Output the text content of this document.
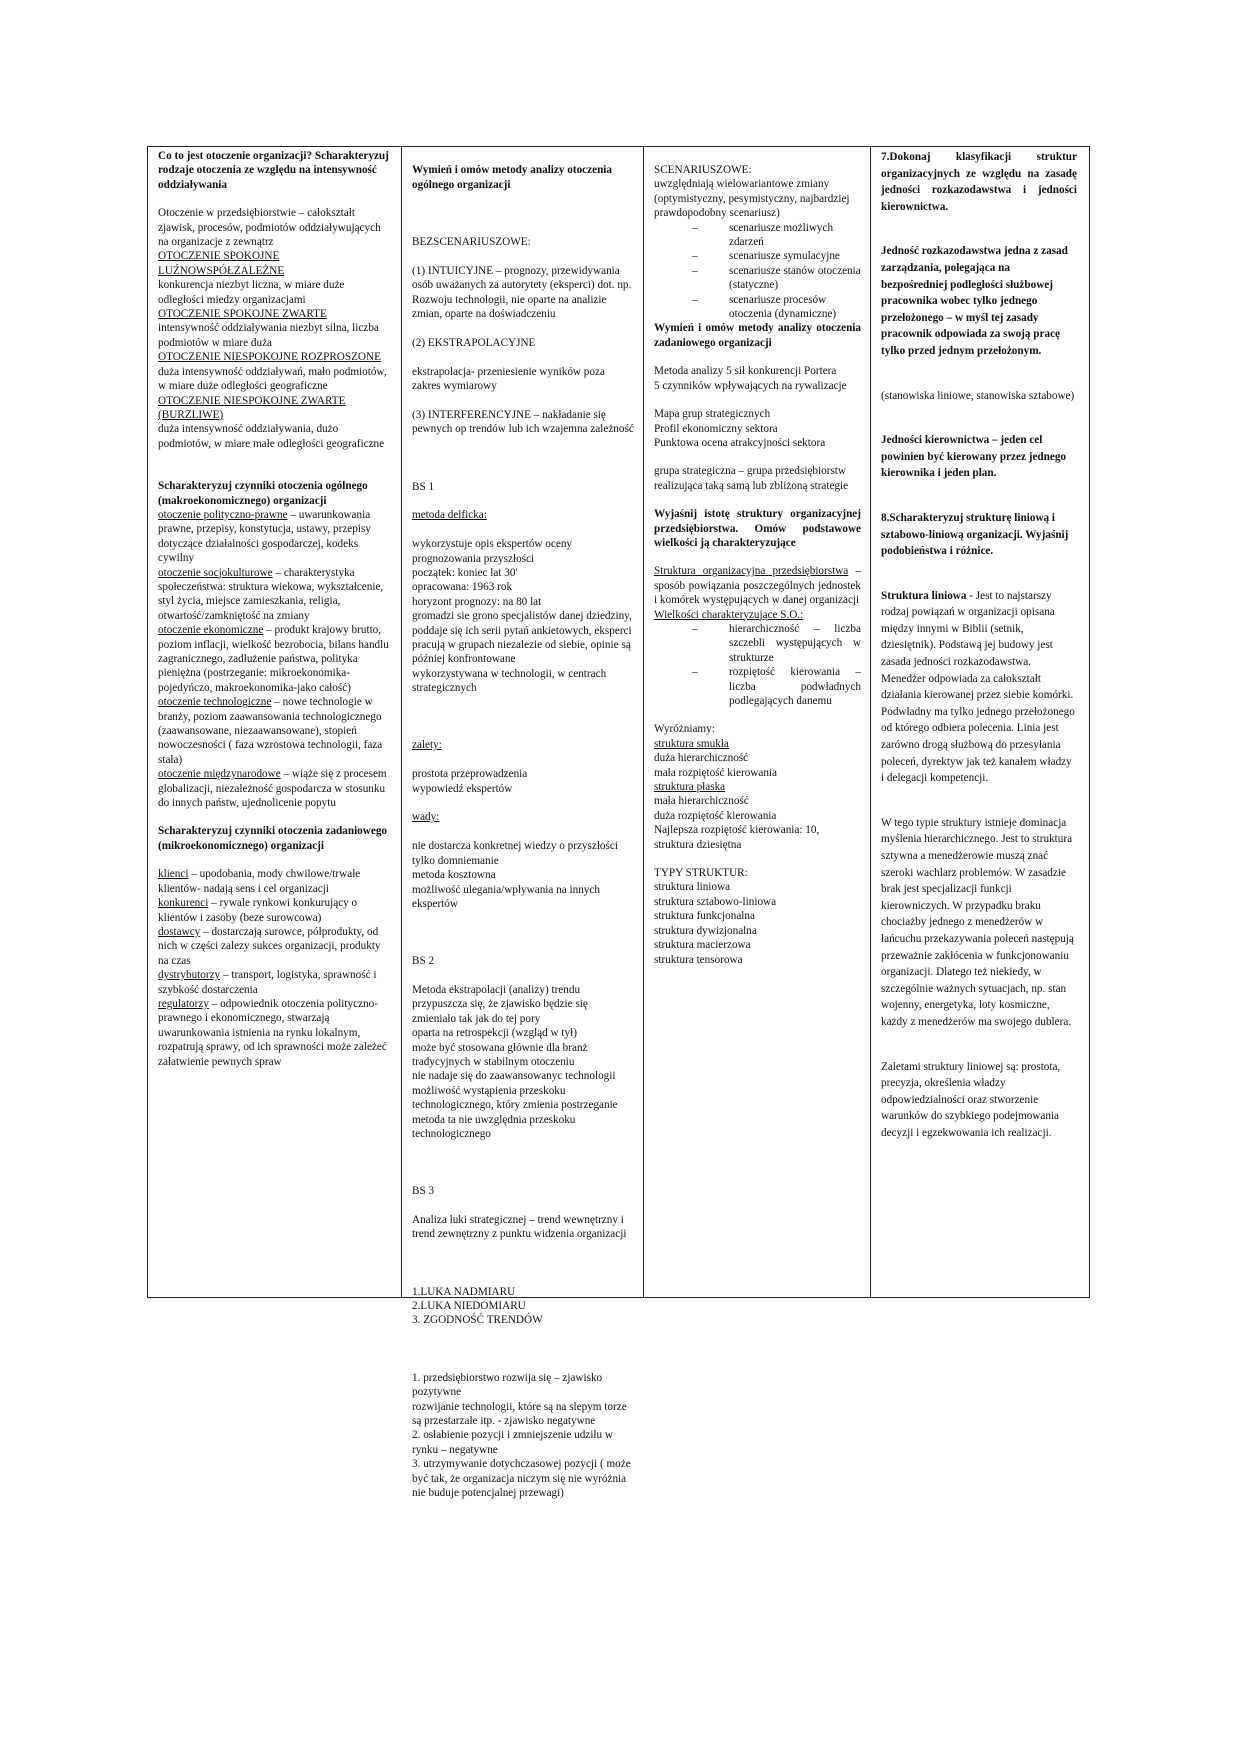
Co to jest otoczenie organizacji? Scharakteryzuj rodzaje otoczenia ze względu na intensywność oddziaływania
Otoczenie w przedsiębiorstwie – całokształt zjawisk, procesów, podmiotów oddziaływujących na organizacje z zewnątrz
OTOCZENIE SPOKOJNE LUŹNOWSPÓŁZALEŻNE
konkurencja niezbyt liczna, w miare duże odległości miedzy organizacjami
OTOCZENIE SPOKOJNE ZWARTE
intensywność oddziaływania niezbyt silna, liczba podmiotów w miare duża
OTOCZENIE NIESPOKOJNE ROZPROSZONE
duża intensywność oddziaływań, mało podmiotów, w miare duże odległości geograficzne
OTOCZENIE NIESPOKOJNE ZWARTE (BURZLIWE)
duża intensywność oddziaływania, dużo podmiotów, w miare małe odległości geograficzne
Scharakteryzuj czynniki otoczenia ogólnego (makroekonomicznego) organizacji
otoczenie polityczno-prawne – uwarunkowania prawne, przepisy, konstytucja, ustawy, przepisy dotyczące działalności gospodarczej, kodeks cywilny
otoczenie socjokulturowe – charakterystyka społeczeństwa: struktura wiekowa, wykształcenie, styl życia, miejsce zamieszkania, religia, otwartość/zamkniętość na zmiany
otoczenie ekonomiczne – produkt krajowy brutto, poziom inflacji, wielkość bezrobocia, bilans handlu zagranicznego, zadłużenie państwa, polityka pieniężna (postrzeganie: mikroekonomika-pojedyńczo, makroekonomika-jako całość)
otoczenie technologiczne – nowe technologie w branży, poziom zaawansowania technologicznego (zaawansowane, niezaawansowane), stopień nowoczesności ( faza wzrostowa technologii, faza stała)
otoczenie międzynarodowe – wiąże się z procesem globalizacji, niezależność gospodarcza w stosunku do innych państw, ujednolicenie popytu
Scharakteryzuj czynniki otoczenia zadaniowego (mikroekonomicznego) organizacji
klienci – upodobania, mody chwilowe/trwałe klientów- nadają sens i cel organizacji
konkurenci – rywale rynkowi konkurujący o klientów i zasoby (beze surowcowa)
dostawcy – dostarczają surowce, półprodukty, od nich w części zalezy sukces organizacji, produkty na czas
dystrybutorzy – transport, logistyka, sprawność i szybkość dostarczenia
regulatorzy – odpowiednik otoczenia polityczno-prawnego i ekonomicznego, stwarzają uwarunkowania istnienia na rynku lokalnym, rozpatrują sprawy, od ich sprawności może zależeć załatwienie pewnych spraw

Wymień i omów metody analizy otoczenia ogólnego organizacji

BEZSCENARIUSZOWE:

(1) INTUICYJNE – prognozy, przewidywania osób uważanych za autorytety (eksperci) dot. np. Rozwoju technologii, nie oparte na analizie zmian, oparte na doświadczeniu

(2) EKSTRAPOLACYJNE

ekstrapolacja- przeniesienie wyników poza zakres wymiarowy

(3) INTERFERENCYJNE – nakładanie się pewnych op trendów lub ich wzajemna zależność

BS 1

metoda delficka:

wykorzystuje opis ekspertów oceny prognozowania przyszłości
początek: koniec lat 30'
opracowana: 1963 rok
horyzont prognozy: na 80 lat
gromadzi sie grono specjalistów danej dziedziny, poddaje się ich serii pytań ankietowych, eksperci pracują w grupach niezalezie od siebie, opinie są później konfrontowane
wykorzystywana w technologii, w centrach strategicznych

zalety:

prostota przeprowadzenia
wypowiedź ekspertów

wady:

nie dostarcza konkretnej wiedzy o przyszłości
tylko domniemanie
metoda kosztowna
możliwość ulegania/wpływania na innych ekspertów

BS 2

Metoda ekstrapolacji (analizy) trendu przypuszcza się, że zjawisko będzie się zmieniało tak jak do tej pory
oparta na retrospekcji (wzgląd w tył)
może być stosowana głównie dla branż tradycyjnych w stabilnym otoczeniu
nie nadaje się do zaawansowanyc technologii
możliwość wystąpienia przeskoku technologicznego, który zmienia postrzeganie
metoda ta nie uwzględnia przeskoku technologicznego

BS 3

Analiza luki strategicznej – trend wewnętrzny i trend zewnętrzny z punktu widzenia organizacji

1.LUKA NADMIARU
2.LUKA NIEDOMIARU
3. ZGODNOŚĆ TRENDÓW

1. przedsiębiorstwo rozwija się – zjawisko pozytywne
rozwijanie technologii, które są na slepym torze są przestarzałe itp. - zjawisko negatywne
2. osłabienie pozycji i zmniejszenie udziłu w rynku – negatywne
3. utrzymywanie dotychczasowej pozycji ( może być tak, że organizacja niczym się nie wyróżnia nie buduje potencjalnej przewagi)

SCENARIUSZOWE:
uwzględniają wielowariantowe zmiany (optymistyczny, pesymistyczny, najbardziej prawdopodobny scenariusz)
– scenariusze możliwych zdarzeń
– scenariusze symulacyjne
– scenariusze stanów otoczenia (statyczne)
– scenariusze procesów otoczenia (dynamiczne)
Wymień i omów metody analizy otoczenia zadaniowego organizacji
Metoda analizy 5 sił konkurencji Portera
5 czynników wpływających na rywalizacje
Mapa grup strategicznych
Profil ekonomiczny sektora
Punktowa ocena atrakcyjności sektora
grupa strategiczna – grupa przedsiębiorstw realizująca taką samą lub zbliżoną strategie
Wyjaśnij istotę struktury organizacyjnej przedsiębiorstwa. Omów podstawowe wielkości ją charakteryzujące
Struktura organizacyjna przedsiębiorstwa – sposób powiązania poszczególnych jednostek i komórek występujących w danej organizacji
Wielkości charakteryzujące S.O.:
– hierarchiczność – liczba szczebli występujących w strukturze
– rozpiętość kierowania – liczba podwładnych podlegających danemu
Wyróżniamy:
struktura smukła
duża hierarchiczność
mała rozpiętość kierowania
struktura płaska
mała hierarchiczność
duża rozpiętość kierowania
Najlepsza rozpiętość kierowania: 10,
struktura dziesiętna
TYPY STRUKTUR:
struktura liniowa
struktura sztabowo-liniowa
struktura funkcjonalna
struktura dywizjonalna
struktura macierzowa
struktura tensorowa

7.Dokonaj klasyfikacji struktur organizacyjnych ze względu na zasadę jedności rozkazodawstwa i jedności kierownictwa.

Jedność rozkazodawstwa jedna z zasad zarządzania, polegająca na bezpośredniej podległości służbowej pracownika wobec tylko jednego przełożonego – w myśl tej zasady pracownik odpowiada za swoją pracę tylko przed jednym przełożonym.

(stanowiska liniowe, stanowiska sztabowe)

Jedności kierownictwa – jeden cel powinien być kierowany przez jednego kierownika i jeden plan.

8.Scharakteryzuj strukturę liniową i sztabowo-liniową organizacji. Wyjaśnij podobieństwa i różnice.

Struktura liniowa - Jest to najstarszy rodzaj powiązań w organizacji opisana między innymi w Biblii (setnik, dziesiętnik). Podstawą jej budowy jest zasada jedności rozkazodawstwa. Menedżer odpowiada za całokształt działania kierowanej przez siebie komórki. Podwładny ma tylko jednego przełożonego od którego odbiera polecenia. Linia jest zarówno drogą służbową do przesyłania poleceń, dyrektyw jak też kanałem władzy i delegacji kompetencji.

W tego typie struktury istnieje dominacja myślenia hierarchicznego. Jest to struktura sztywna a menedżerowie muszą znać szeroki wachlarz problemów. W zasadzie brak jest specjalizacji funkcji kierowniczych. W przypadku braku chociażby jednego z menedżerów w łańcuchu przekazywania poleceń następują przeważnie zakłócenia w funkcjonowaniu organizacji. Dlatego też niekiedy, w szczególnie ważnych sytuacjach, np. stan wojenny, energetyka, loty kosmiczne, każdy z menedżerów ma swojego dublera.

Zaletami struktury liniowej są: prostota, precyzja, określenia władzy odpowiedzialności oraz stworzenie warunków do szybkiego podejmowania decyzji i egzekwowania ich realizacji.
